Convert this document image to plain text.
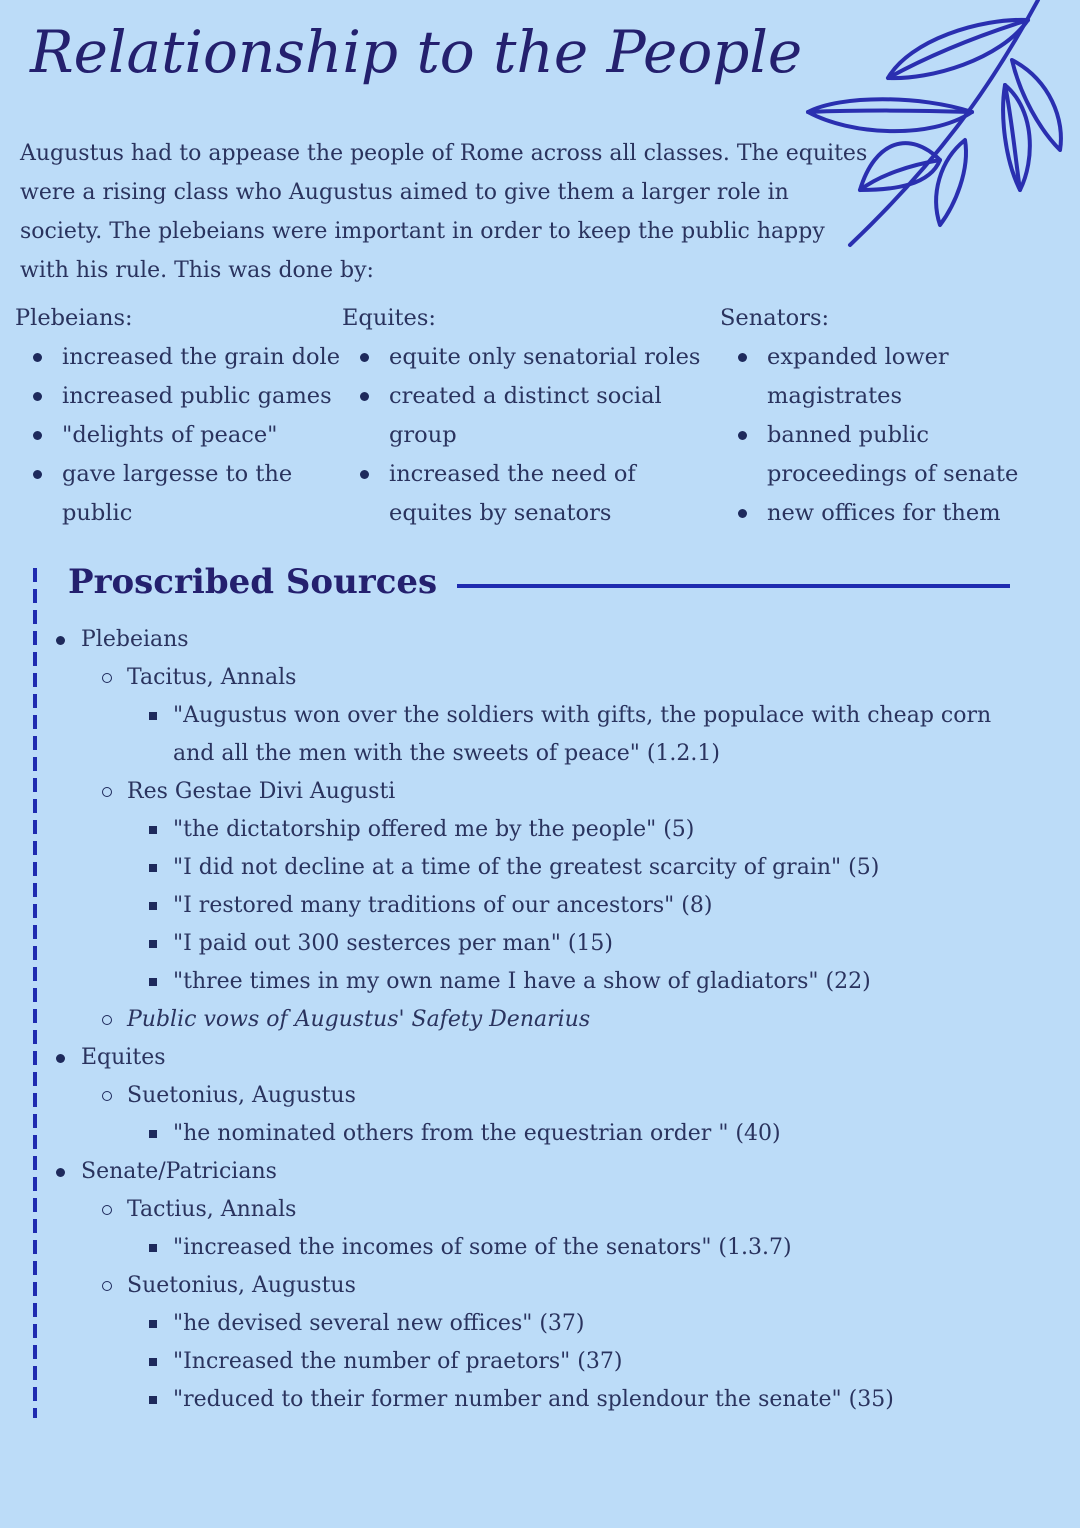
Relationship to the People
Augustus had to appease the people of Rome across all classes. The equites were a rising class who Augustus aimed to give them a larger role in society. The plebeians were important in order to keep the public happy with his rule. This was done by:
Plebeians:
increased the grain dole
increased public games
"delights of peace"
gave largesse to the public
Equites:
equite only senatorial roles
created a distinct social group
increased the need of equites by senators
Senators:
expanded lower magistrates
banned public proceedings of senate
new offices for them
Proscribed Sources
Plebeians
Tacitus, Annals
"Augustus won over the soldiers with gifts, the populace with cheap corn and all the men with the sweets of peace" (1.2.1)
Res Gestae Divi Augusti
"the dictatorship offered me by the people" (5)
"I did not decline at a time of the greatest scarcity of grain" (5)
"I restored many traditions of our ancestors" (8)
"I paid out 300 sesterces per man" (15)
"three times in my own name I have a show of gladiators" (22)
Public vows of Augustus' Safety Denarius
Equites
Suetonius, Augustus
"he nominated others from the equestrian order " (40)
Senate/Patricians
Tactius, Annals
"increased the incomes of some of the senators" (1.3.7)
Suetonius, Augustus
"he devised several new offices" (37)
"Increased the number of praetors" (37)
"reduced to their former number and splendour the senate" (35)
